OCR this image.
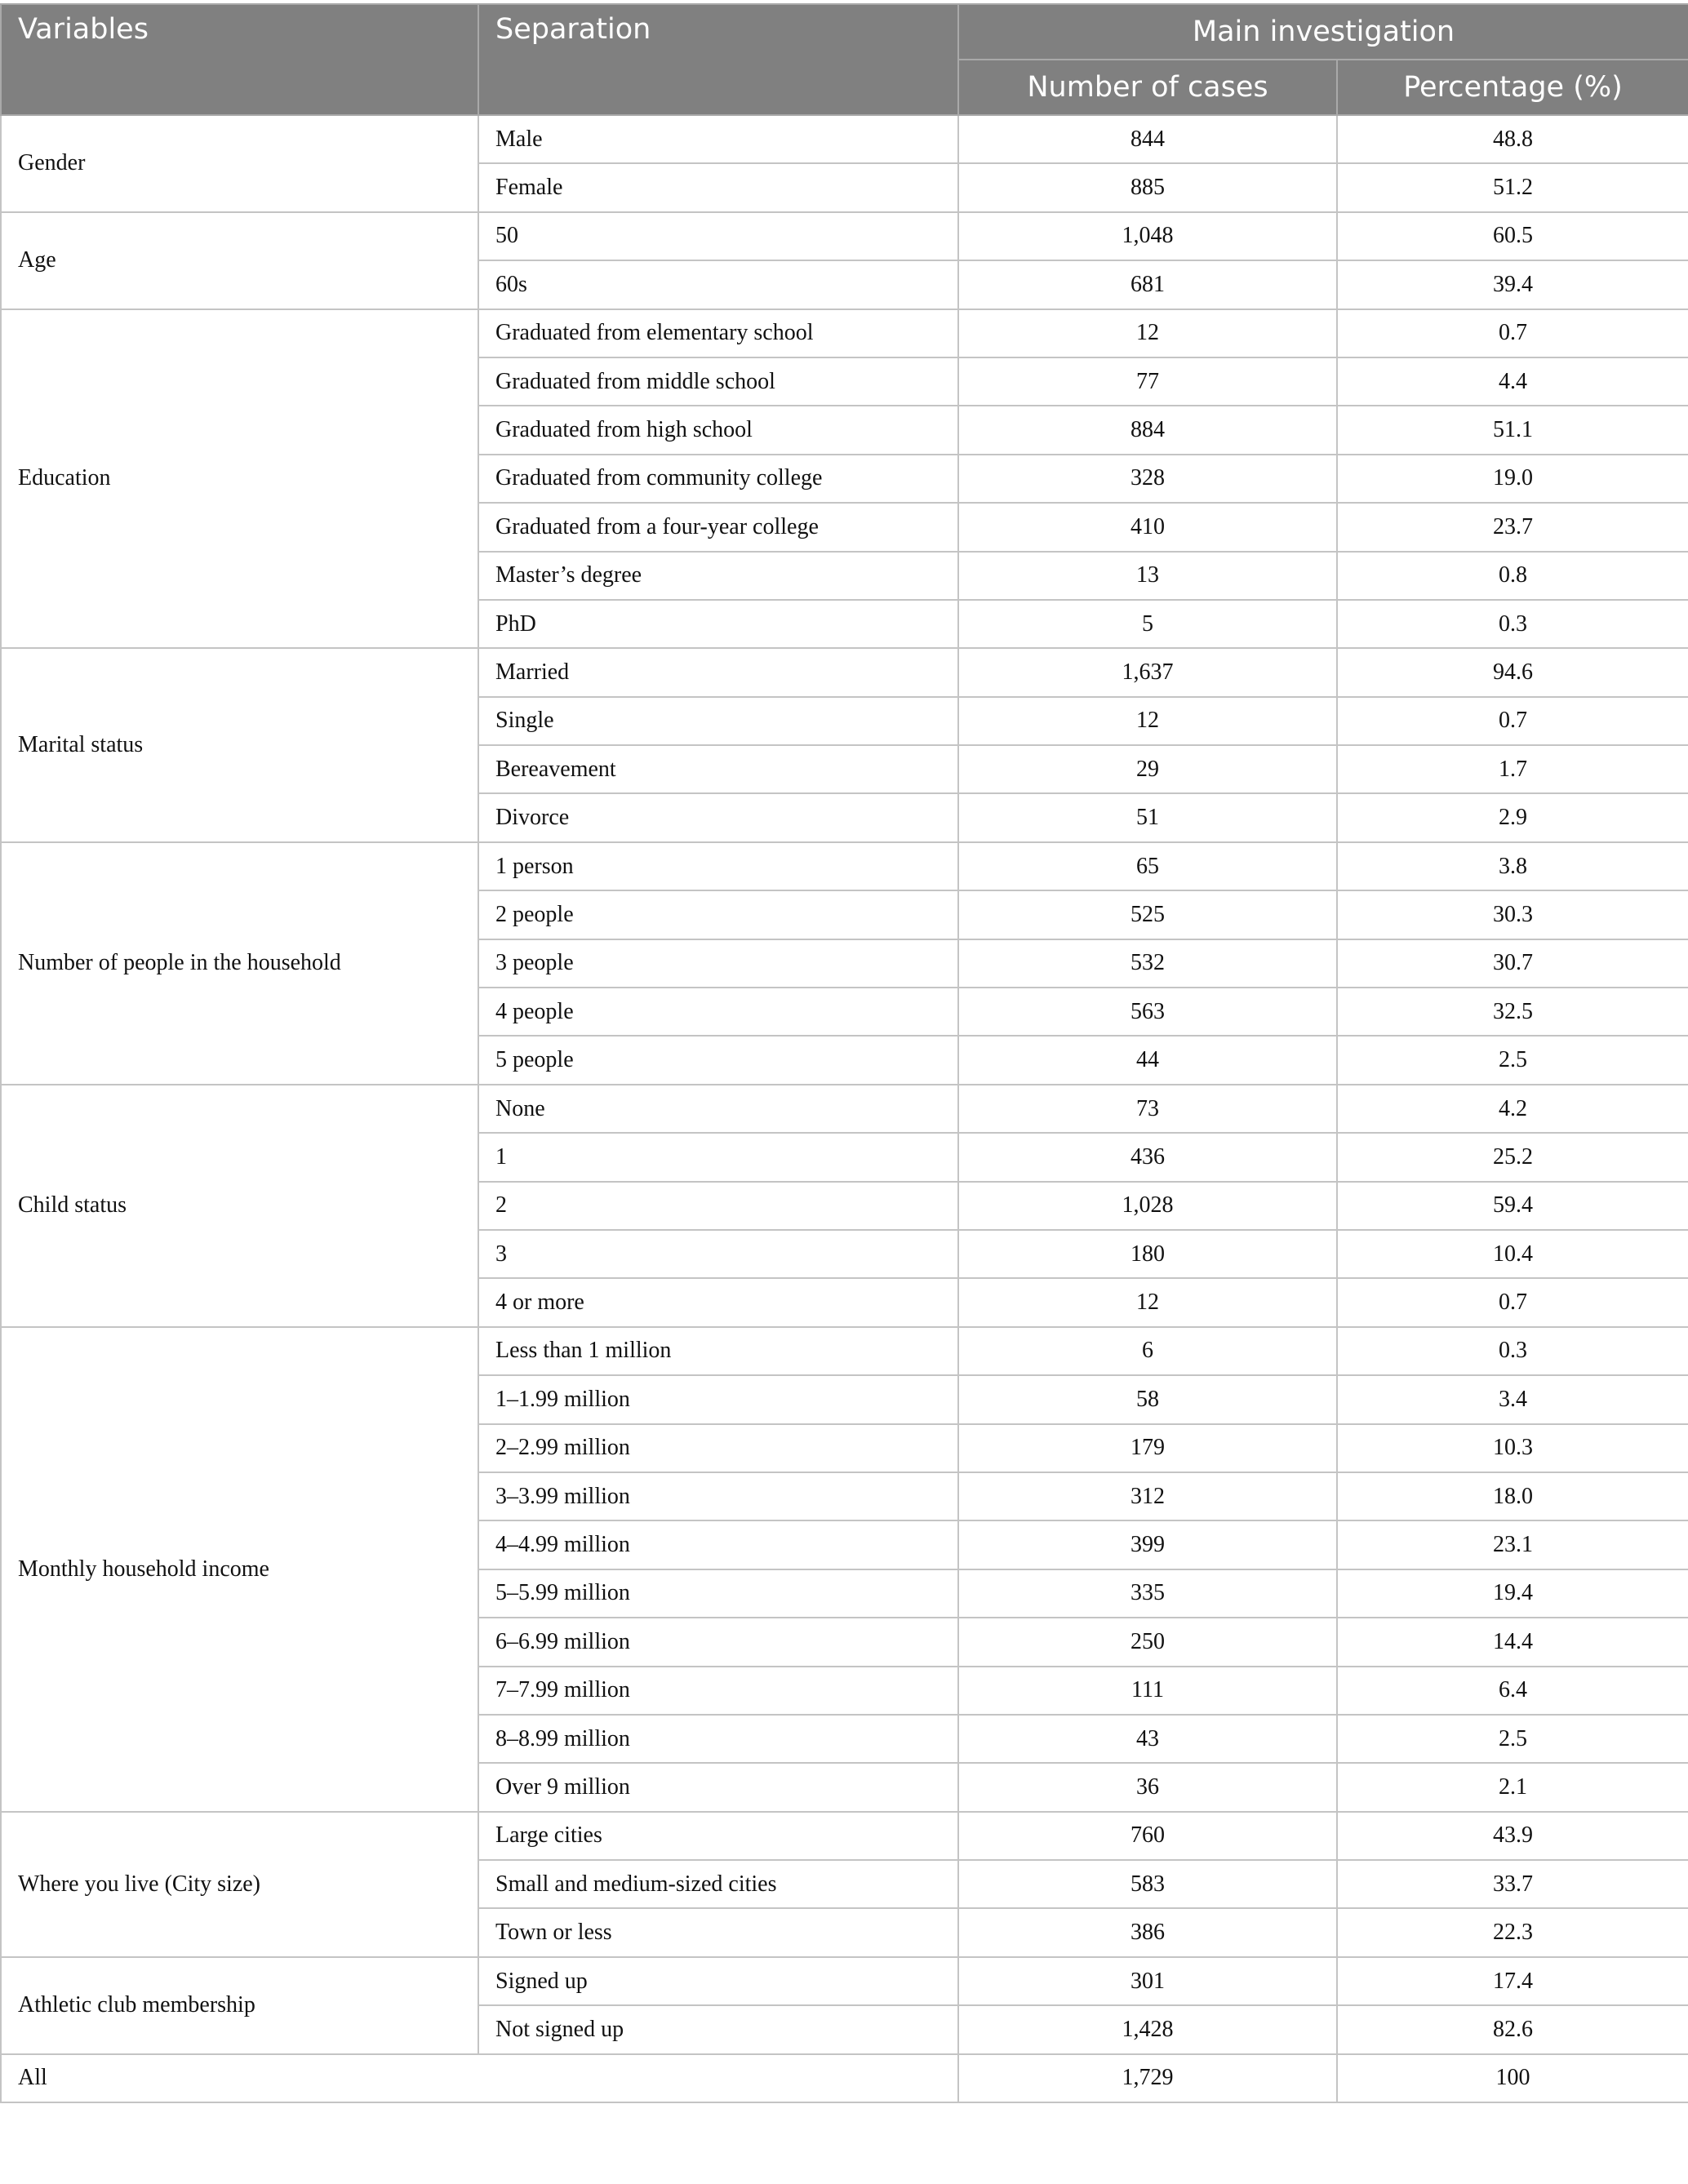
Variables	Separation	Main investigation	
		Number of cases	Percentage (%)
Gender	Male	844	48.8
	Female	885	51.2
Age	50	1,048	60.5
	60s	681	39.4
Education	Graduated from elementary school	12	0.7
	Graduated from middle school	77	4.4
	Graduated from high school	884	51.1
	Graduated from community college	328	19.0
	Graduated from a four-year college	410	23.7
	Master’s degree	13	0.8
	PhD	5	0.3
Marital status	Married	1,637	94.6
	Single	12	0.7
	Bereavement	29	1.7
	Divorce	51	2.9
Number of people in the household	1 person	65	3.8
	2 people	525	30.3
	3 people	532	30.7
	4 people	563	32.5
	5 people	44	2.5
Child status	None	73	4.2
	1	436	25.2
	2	1,028	59.4
	3	180	10.4
	4 or more	12	0.7
Monthly household income	Less than 1 million	6	0.3
	1–1.99 million	58	3.4
	2–2.99 million	179	10.3
	3–3.99 million	312	18.0
	4–4.99 million	399	23.1
	5–5.99 million	335	19.4
	6–6.99 million	250	14.4
	7–7.99 million	111	6.4
	8–8.99 million	43	2.5
	Over 9 million	36	2.1
Where you live (City size)	Large cities	760	43.9
	Small and medium-sized cities	583	33.7
	Town or less	386	22.3
Athletic club membership	Signed up	301	17.4
	Not signed up	1,428	82.6
All		1,729	100
